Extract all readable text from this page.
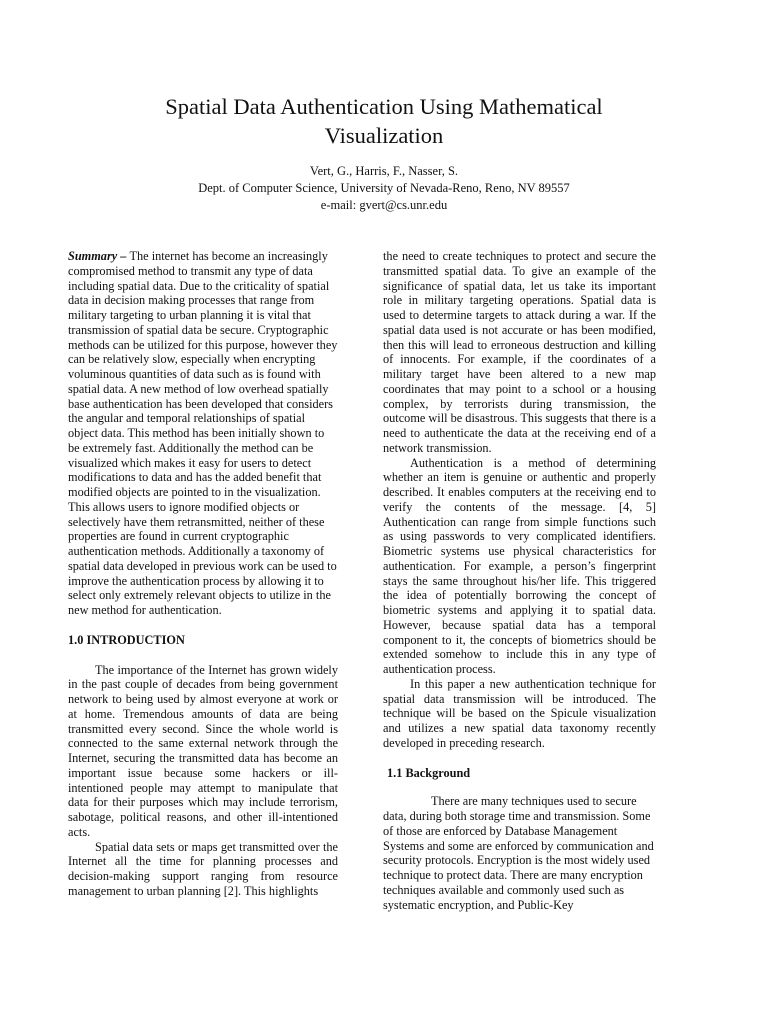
Spatial Data Authentication Using Mathematical Visualization
Vert, G., Harris, F., Nasser, S.
Dept. of Computer Science, University of Nevada-Reno, Reno, NV 89557
e-mail: gvert@cs.unr.edu

Summary – The internet has become an increasingly compromised method to transmit any type of data including spatial data. Due to the criticality of spatial data in decision making processes that range from military targeting to urban planning it is vital that transmission of spatial data be secure. Cryptographic methods can be utilized for this purpose, however they can be relatively slow, especially when encrypting voluminous quantities of data such as is found with spatial data. A new method of low overhead spatially base authentication has been developed that considers the angular and temporal relationships of spatial object data. This method has been initially shown to be extremely fast. Additionally the method can be visualized which makes it easy for users to detect modifications to data and has the added benefit that modified objects are pointed to in the visualization. This allows users to ignore modified objects or selectively have them retransmitted, neither of these properties are found in current cryptographic authentication methods. Additionally a taxonomy of spatial data developed in previous work can be used to improve the authentication process by allowing it to select only extremely relevant objects to utilize in the new method for authentication.

1.0 INTRODUCTION

The importance of the Internet has grown widely in the past couple of decades from being government network to being used by almost everyone at work or at home. Tremendous amounts of data are being transmitted every second. Since the whole world is connected to the same external network through the Internet, securing the transmitted data has become an important issue because some hackers or ill-intentioned people may attempt to manipulate that data for their purposes which may include terrorism, sabotage, political reasons, and other ill-intentioned acts.

Spatial data sets or maps get transmitted over the Internet all the time for planning processes and decision-making support ranging from resource management to urban planning [2]. This highlights

the need to create techniques to protect and secure the transmitted spatial data. To give an example of the significance of spatial data, let us take its important role in military targeting operations. Spatial data is used to determine targets to attack during a war. If the spatial data used is not accurate or has been modified, then this will lead to erroneous destruction and killing of innocents. For example, if the coordinates of a military target have been altered to a new map coordinates that may point to a school or a housing complex, by terrorists during transmission, the outcome will be disastrous. This suggests that there is a need to authenticate the data at the receiving end of a network transmission.

Authentication is a method of determining whether an item is genuine or authentic and properly described. It enables computers at the receiving end to verify the contents of the message. [4, 5] Authentication can range from simple functions such as using passwords to very complicated identifiers. Biometric systems use physical characteristics for authentication. For example, a person’s fingerprint stays the same throughout his/her life. This triggered the idea of potentially borrowing the concept of biometric systems and applying it to spatial data. However, because spatial data has a temporal component to it, the concepts of biometrics should be extended somehow to include this in any type of authentication process.

In this paper a new authentication technique for spatial data transmission will be introduced. The technique will be based on the Spicule visualization and utilizes a new spatial data taxonomy recently developed in preceding research.

1.1 Background

There are many techniques used to secure data, during both storage time and transmission. Some of those are enforced by Database Management Systems and some are enforced by communication and security protocols. Encryption is the most widely used technique to protect data. There are many encryption techniques available and commonly used such as systematic encryption, and Public-Key
